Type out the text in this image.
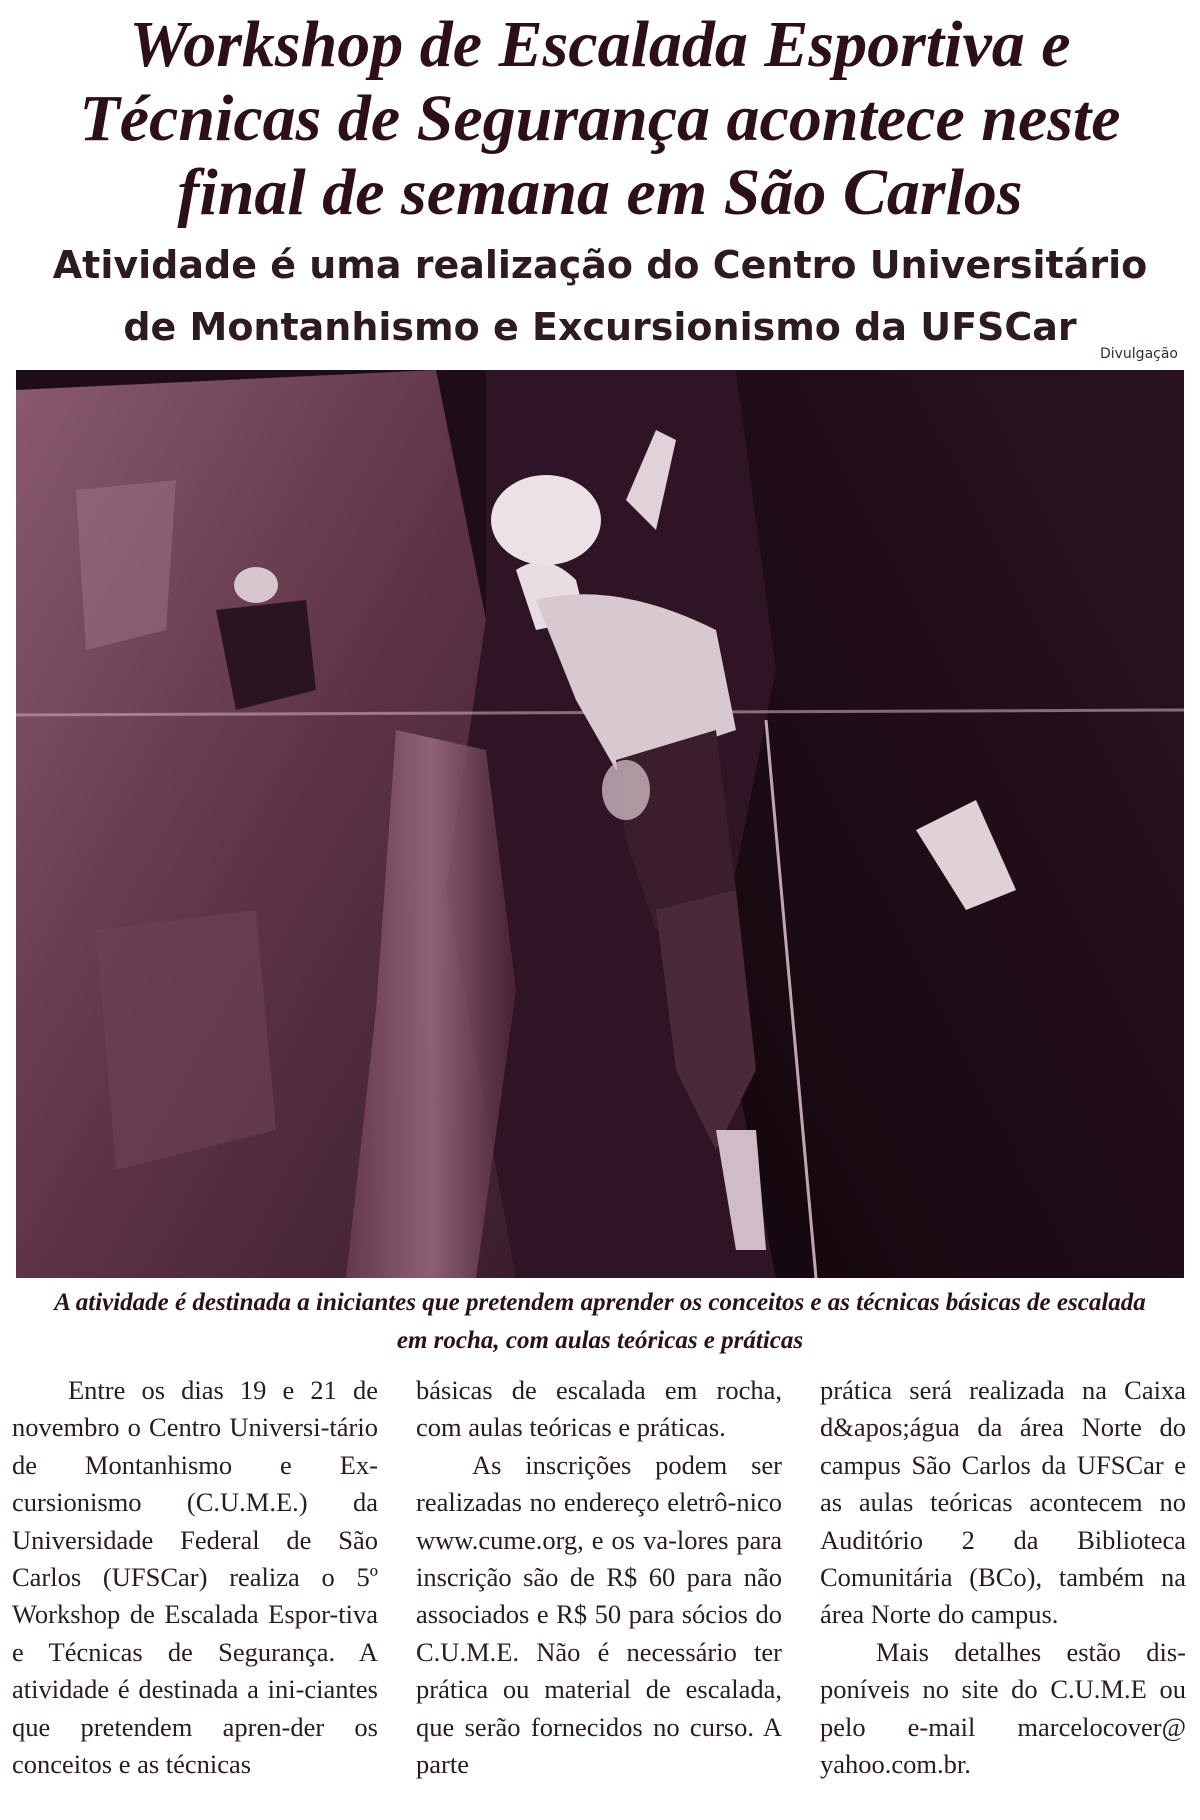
Workshop de Escalada Esportiva e Técnicas de Segurança acontece neste final de semana em São Carlos
Atividade é uma realização do Centro Universitário de Montanhismo e Excursionismo da UFSCar
Divulgação

A atividade é destinada a iniciantes que pretendem aprender os conceitos e as técnicas básicas de escalada em rocha, com aulas teóricas e práticas

Entre os dias 19 e 21 de novembro o Centro Universi-tário de Montanhismo e Ex-cursionismo (C.U.M.E.) da Universidade Federal de São Carlos (UFSCar) realiza o 5º Workshop de Escalada Espor-tiva e Técnicas de Segurança. A atividade é destinada a ini-ciantes que pretendem apren-der os conceitos e as técnicas

básicas de escalada em rocha, com aulas teóricas e práticas.

As inscrições podem ser realizadas no endereço eletrô-nico www.cume.org, e os va-lores para inscrição são de R$ 60 para não associados e R$ 50 para sócios do C.U.M.E. Não é necessário ter prática ou material de escalada, que serão fornecidos no curso. A parte

prática será realizada na Caixa d&apos;água da área Norte do campus São Carlos da UFSCar e as aulas teóricas acontecem no Auditório 2 da Biblioteca Comunitária (BCo), também na área Norte do campus.

Mais detalhes estão dis-poníveis no site do C.U.M.E ou pelo e-mail marcelocover@ yahoo.com.br.
